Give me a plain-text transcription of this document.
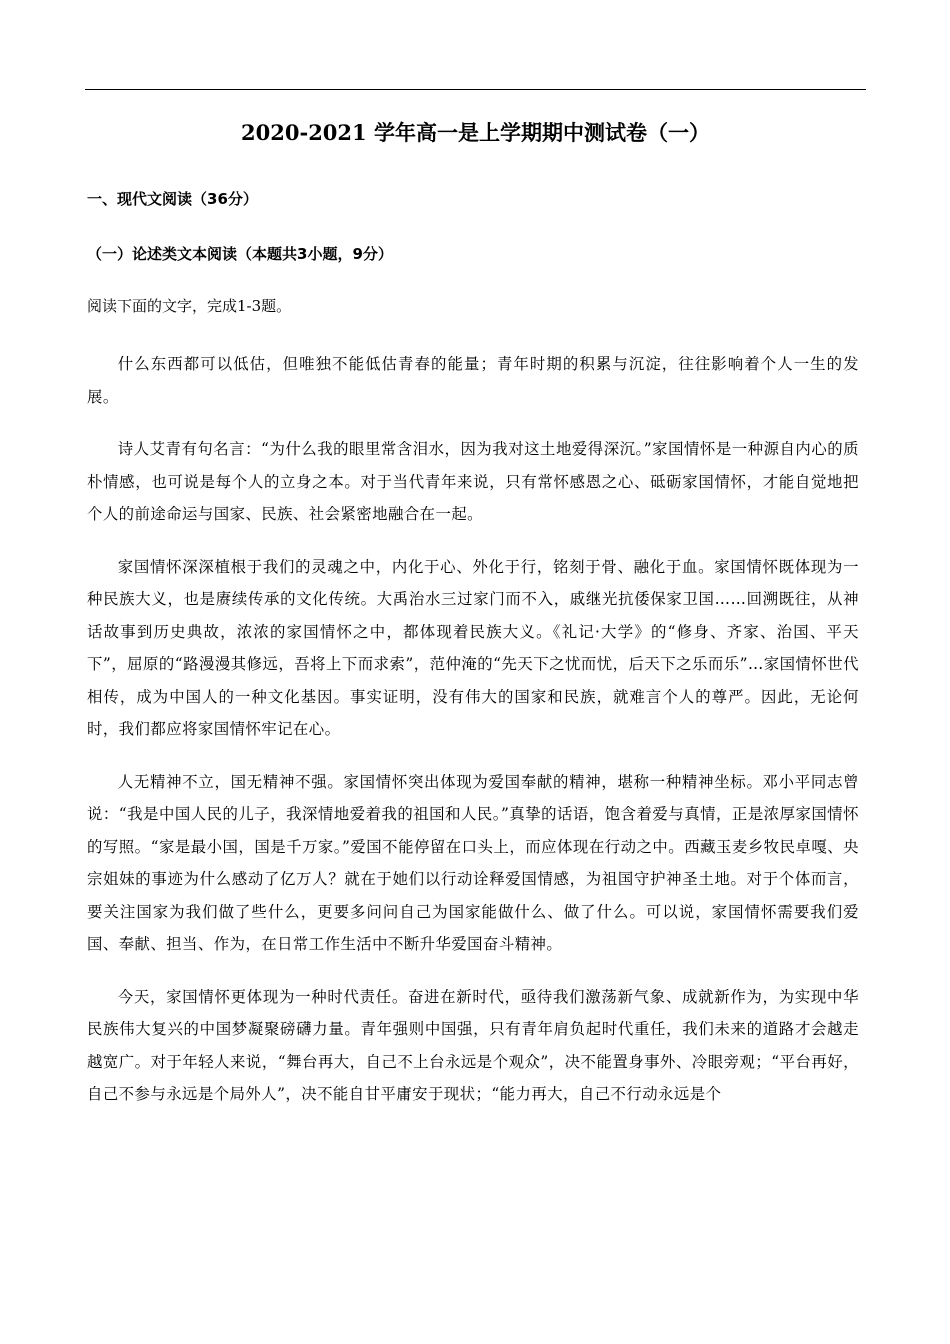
2020-2021 学年高一是上学期期中测试卷（一）
一、现代文阅读（36分）
（一）论述类文本阅读（本题共3小题，9分）
阅读下面的文字，完成1-3题。

什么东西都可以低估，但唯独不能低估青春的能量；青年时期的积累与沉淀，往往影响着个人一生的发展。

诗人艾青有句名言：“为什么我的眼里常含泪水，因为我对这土地爱得深沉。”家国情怀是一种源自内心的质朴情感，也可说是每个人的立身之本。对于当代青年来说，只有常怀感恩之心、砥砺家国情怀，才能自觉地把个人的前途命运与国家、民族、社会紧密地融合在一起。

家国情怀深深植根于我们的灵魂之中，内化于心、外化于行，铭刻于骨、融化于血。家国情怀既体现为一种民族大义，也是赓续传承的文化传统。大禹治水三过家门而不入，戚继光抗倭保家卫国……回溯既往，从神话故事到历史典故，浓浓的家国情怀之中，都体现着民族大义。《礼记·大学》的“修身、齐家、治国、平天下”，屈原的“路漫漫其修远，吾将上下而求索”，范仲淹的“先天下之忧而忧，后天下之乐而乐”…家国情怀世代相传，成为中国人的一种文化基因。事实证明，没有伟大的国家和民族，就难言个人的尊严。因此，无论何时，我们都应将家国情怀牢记在心。

人无精神不立，国无精神不强。家国情怀突出体现为爱国奉献的精神，堪称一种精神坐标。邓小平同志曾说：“我是中国人民的儿子，我深情地爱着我的祖国和人民。”真挚的话语，饱含着爱与真情，正是浓厚家国情怀的写照。“家是最小国，国是千万家。”爱国不能停留在口头上，而应体现在行动之中。西藏玉麦乡牧民卓嘎、央宗姐妹的事迹为什么感动了亿万人？就在于她们以行动诠释爱国情感，为祖国守护神圣土地。对于个体而言，要关注国家为我们做了些什么，更要多问问自己为国家能做什么、做了什么。可以说，家国情怀需要我们爱国、奉献、担当、作为，在日常工作生活中不断升华爱国奋斗精神。

今天，家国情怀更体现为一种时代责任。奋进在新时代，亟待我们激荡新气象、成就新作为，为实现中华民族伟大复兴的中国梦凝聚磅礴力量。青年强则中国强，只有青年肩负起时代重任，我们未来的道路才会越走越宽广。对于年轻人来说，“舞台再大，自己不上台永远是个观众”，决不能置身事外、冷眼旁观；“平台再好，自己不参与永远是个局外人”，决不能自甘平庸安于现状；“能力再大，自己不行动永远是个
